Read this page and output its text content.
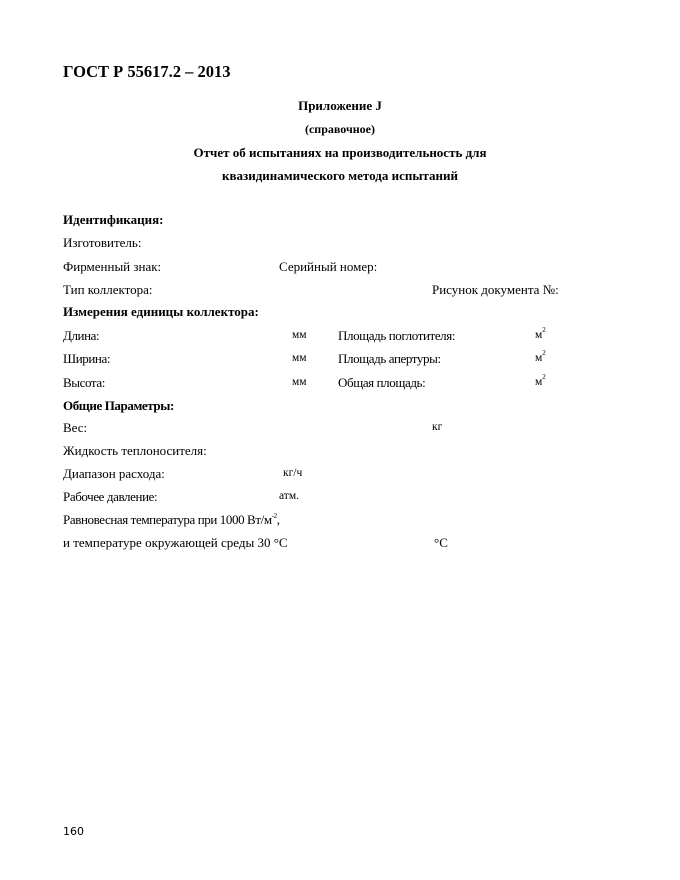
ГОСТ Р 55617.2 – 2013
Приложение J
(справочное)
Отчет об испытаниях на производительность для
квазидинамического метода испытаний
Идентификация:
Изготовитель:
Фирменный знак:	Серийный номер:
Тип коллектора:	Рисунок документа №:
Измерения единицы коллектора:
Длина:	мм Площадь поглотителя:	$м^2$
Ширина:	мм Площадь апертуры:	$м^2$
Высота:	мм Общая площадь:	$м^2$
Общие Параметры:
Вес:	кг
Жидкость теплоносителя:
Диапазон расхода:	кг/ч
Рабочее давление:	атм.
Равновесная температура при 1000 $Вт/м^{-2}$,
и температуре окружающей среды 30 °С	°С
160
